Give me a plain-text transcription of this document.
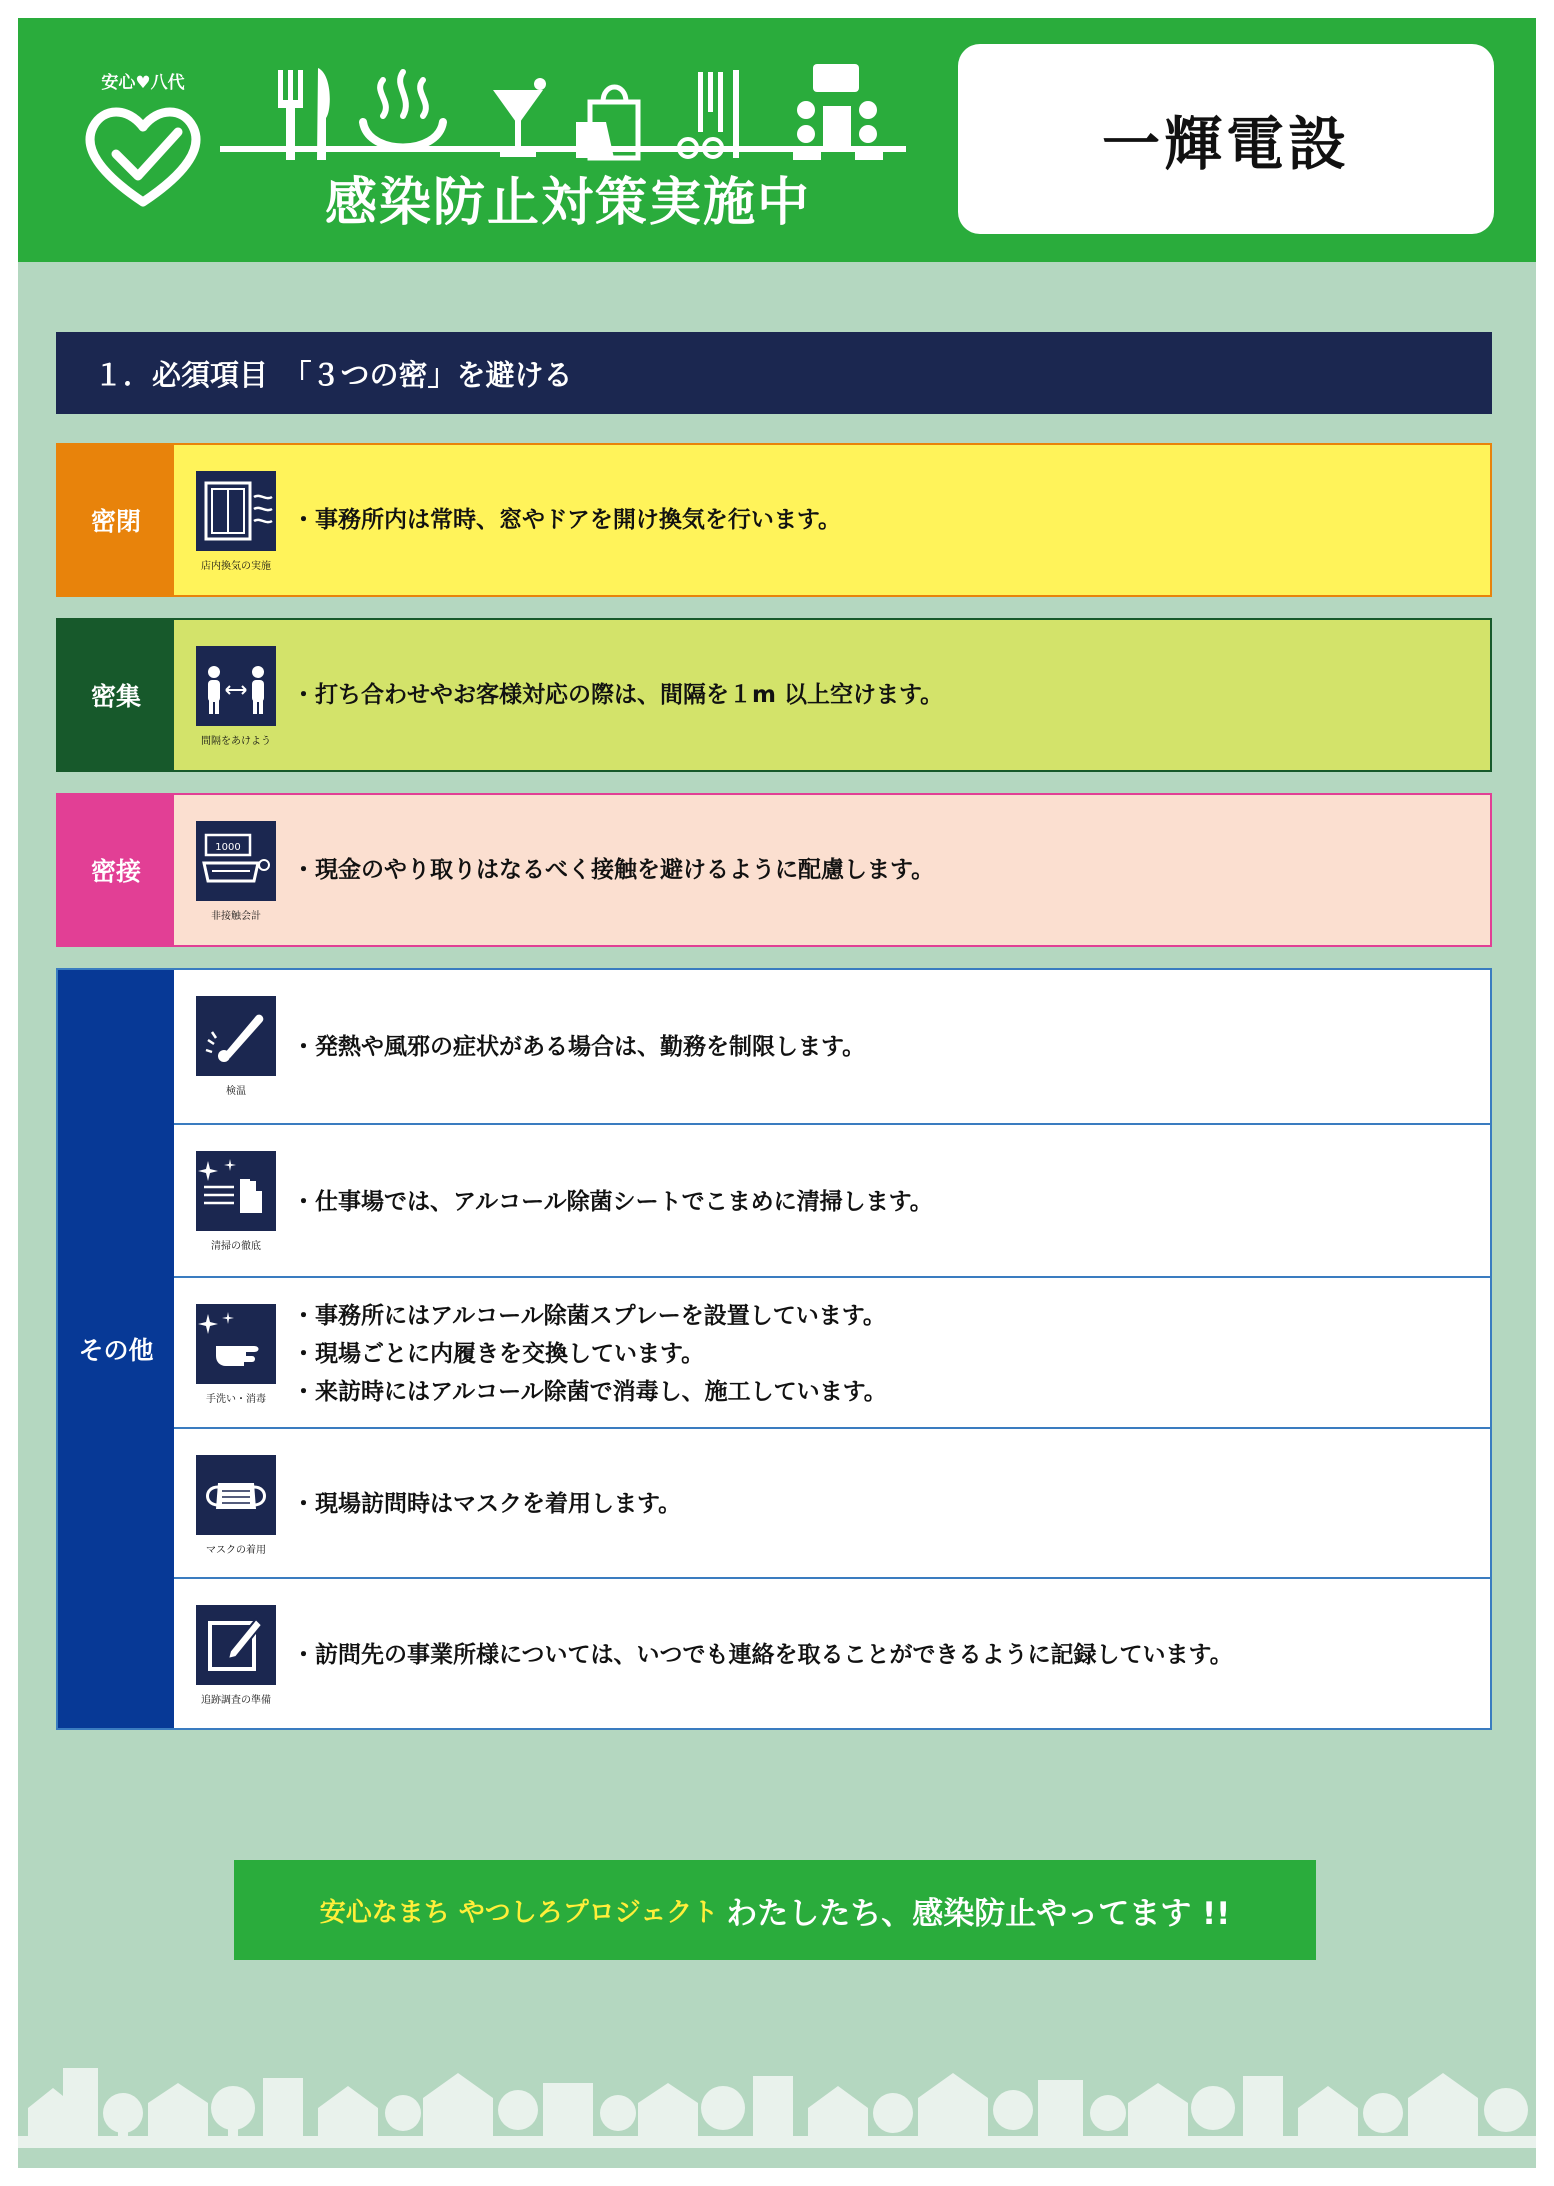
安心♥八代
感染防止対策実施中
一輝電設
１．必須項目　「３つの密」を避ける
密閉
店内換気の実施
・事務所内は常時、窓やドアを開け換気を行います。
密集
間隔をあけよう
・打ち合わせやお客様対応の際は、間隔を１m 以上空けます。
密接
1000
非接触会計
・現金のやり取りはなるべく接触を避けるように配慮します。
その他
検温
・発熱や風邪の症状がある場合は、勤務を制限します。
清掃の徹底
・仕事場では、アルコール除菌シートでこまめに清掃します。
手洗い・消毒
・事務所にはアルコール除菌スプレーを設置しています。
・現場ごとに内履きを交換しています。
・来訪時にはアルコール除菌で消毒し、施工しています。
マスクの着用
・現場訪問時はマスクを着用します。
追跡調査の準備
・訪問先の事業所様については、いつでも連絡を取ることができるように記録しています。
安心なまち やつしろプロジェクト わたしたち、感染防止やってます !!
